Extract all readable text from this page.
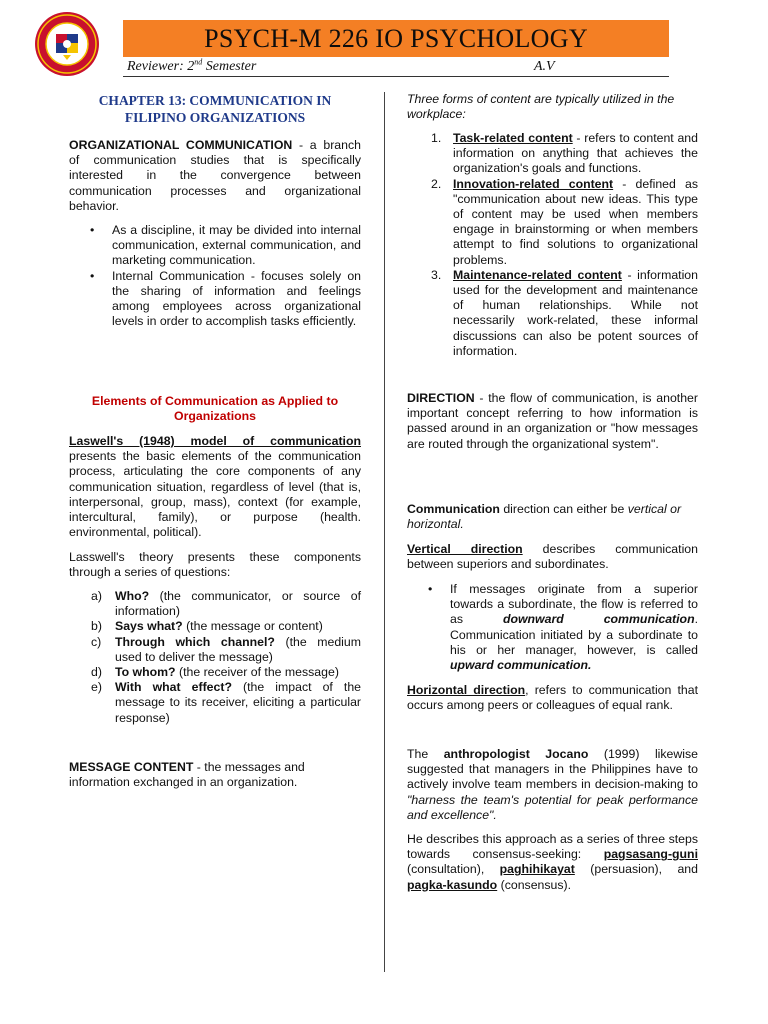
PSYCH-M 226 IO PSYCHOLOGY
Reviewer: 2nd Semester	A.V
CHAPTER 13: COMMUNICATION IN
FILIPINO ORGANIZATIONS

ORGANIZATIONAL COMMUNICATION - a branch of communication studies that is specifically interested in the convergence between communication processes and organizational behavior.

• As a discipline, it may be divided into internal communication, external communication, and marketing communication.
• Internal Communication - focuses solely on the sharing of information and feelings among employees across organizational levels in order to accomplish tasks efficiently.
Elements of Communication as Applied to Organizations

Laswell's (1948) model of communication presents the basic elements of the communication process, articulating the core components of any communication situation, regardless of level (that is, interpersonal, group, mass), context (for example, intercultural, family), or purpose (health. environmental, political).

Lasswell's theory presents these components through a series of questions:

a) Who? (the communicator, or source of information)
b) Says what? (the message or content)
c) Through which channel? (the medium used to deliver the message)
d) To whom? (the receiver of the message)
e) With what effect? (the impact of the message to its receiver, eliciting a particular response)

MESSAGE CONTENT - the messages and information exchanged in an organization.

Three forms of content are typically utilized in the workplace:

1. Task-related content - refers to content and information on anything that achieves the organization's goals and functions.
2. Innovation-related content - defined as "communication about new ideas. This type of content may be used when members engage in brainstorming or when members attempt to find solutions to organizational problems.
3. Maintenance-related content - information used for the development and maintenance of human relationships. While not necessarily work-related, these informal discussions can also be potent sources of information.

DIRECTION - the flow of communication, is another important concept referring to how information is passed around in an organization or "how messages are routed through the organizational system".

Communication direction can either be vertical or horizontal.

Vertical direction describes communication between superiors and subordinates.

• If messages originate from a superior towards a subordinate, the flow is referred to as downward communication. Communication initiated by a subordinate to his or her manager, however, is called upward communication.

Horizontal direction, refers to communication that occurs among peers or colleagues of equal rank.

The anthropologist Jocano (1999) likewise suggested that managers in the Philippines have to actively involve team members in decision-making to "harness the team's potential for peak performance and excellence".

He describes this approach as a series of three steps towards consensus-seeking: pagsasang-guni (consultation), paghihikayat (persuasion), and pagka-kasundo (consensus).
